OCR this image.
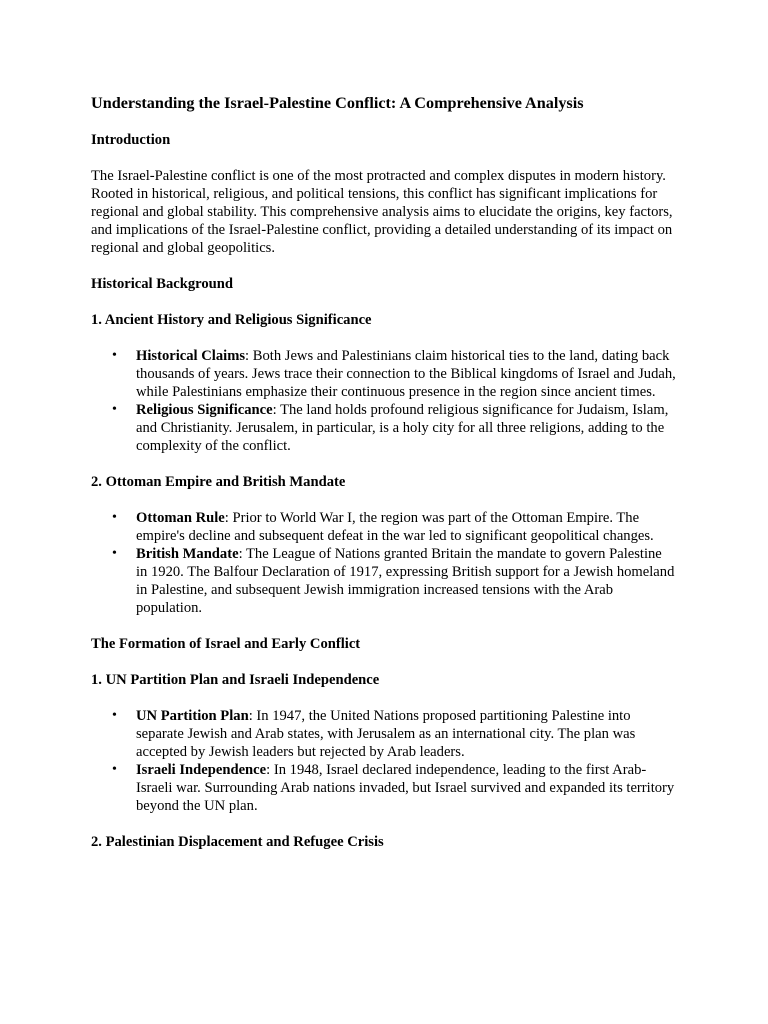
Understanding the Israel-Palestine Conflict: A Comprehensive Analysis
Introduction

The Israel-Palestine conflict is one of the most protracted and complex disputes in modern history. Rooted in historical, religious, and political tensions, this conflict has significant implications for regional and global stability. This comprehensive analysis aims to elucidate the origins, key factors, and implications of the Israel-Palestine conflict, providing a detailed understanding of its impact on regional and global geopolitics.

Historical Background
1. Ancient History and Religious Significance
• Historical Claims: Both Jews and Palestinians claim historical ties to the land, dating back thousands of years. Jews trace their connection to the Biblical kingdoms of Israel and Judah, while Palestinians emphasize their continuous presence in the region since ancient times.
• Religious Significance: The land holds profound religious significance for Judaism, Islam, and Christianity. Jerusalem, in particular, is a holy city for all three religions, adding to the complexity of the conflict.
2. Ottoman Empire and British Mandate
• Ottoman Rule: Prior to World War I, the region was part of the Ottoman Empire. The empire's decline and subsequent defeat in the war led to significant geopolitical changes.
• British Mandate: The League of Nations granted Britain the mandate to govern Palestine in 1920. The Balfour Declaration of 1917, expressing British support for a Jewish homeland in Palestine, and subsequent Jewish immigration increased tensions with the Arab population.
The Formation of Israel and Early Conflict
1. UN Partition Plan and Israeli Independence
• UN Partition Plan: In 1947, the United Nations proposed partitioning Palestine into separate Jewish and Arab states, with Jerusalem as an international city. The plan was accepted by Jewish leaders but rejected by Arab leaders.
• Israeli Independence: In 1948, Israel declared independence, leading to the first Arab-Israeli war. Surrounding Arab nations invaded, but Israel survived and expanded its territory beyond the UN plan.
2. Palestinian Displacement and Refugee Crisis
